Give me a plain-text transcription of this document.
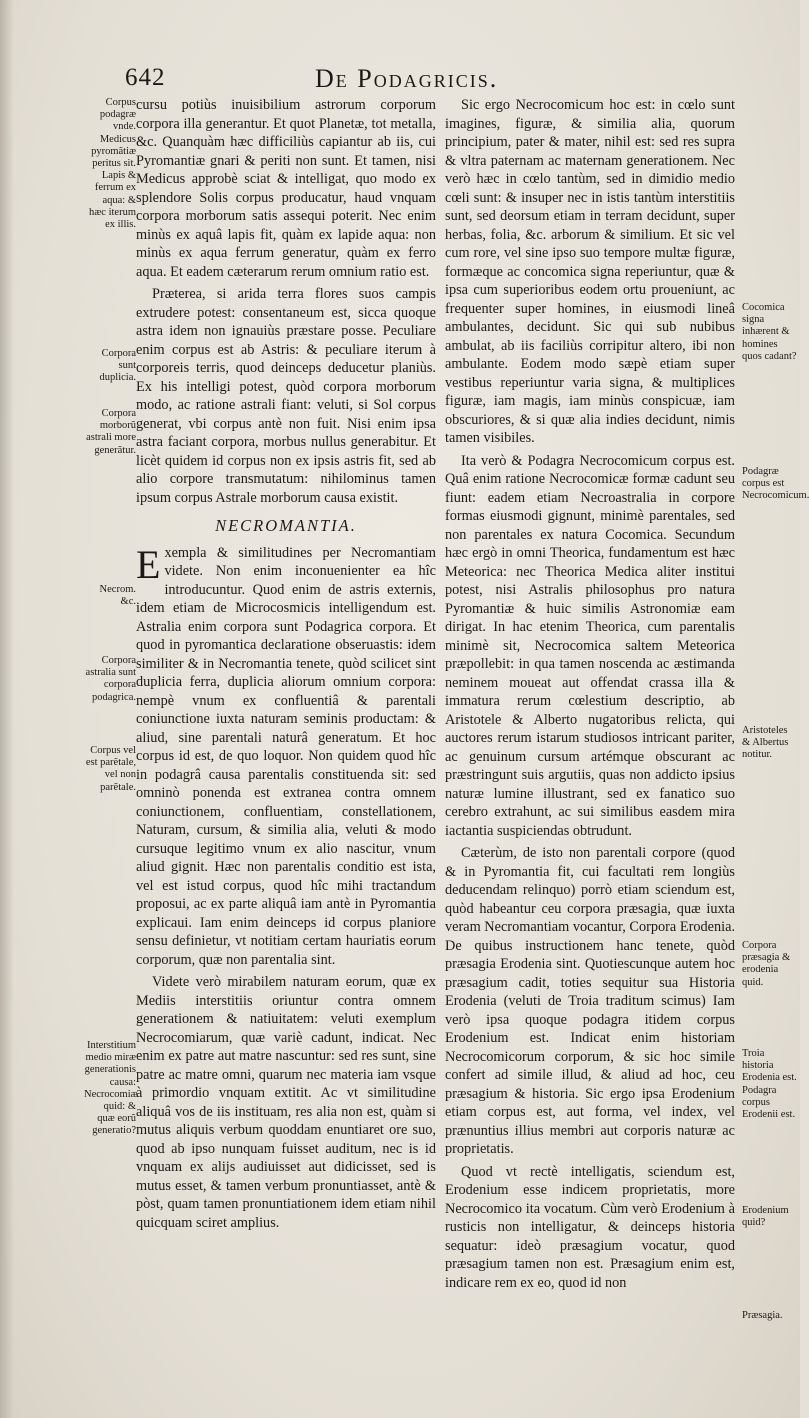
642	De Podagricis.
Corpus podagræ vnde. Medicus pyromãtiæ peritus sit. Lapis & ferrum ex aqua: & hæc iterum ex illis.
Corpora sunt duplicia.
Corpora morborũ astrali more generãtur.
Necrom. &c.
Corpora astralia sunt corpora podagrica.
Corpus vel est parẽtale, vel non parẽtale.
Interstitium medio miræ generationis causa: Necrocomiæ quid: & quæ eorũ generatio?
Cocomica signa inhærent & homines quos cadant?
Podagræ corpus est Necrocomicum.
Aristoteles & Albertus notitur.
Corpora præsagia & erodenia quid.
Troia historia Erodenia est. Podagra corpus Erodenii est.
Erodenium quid?
Præsagia.

cursu potiùs inuisibilium astrorum corporum corpora illa generantur. Et quot Planetæ, tot metalla, &c. Quanquàm hæc difficiliùs capiantur ab iis, cui Pyromantiæ gnari & periti non sunt. Et tamen, nisi Medicus approbè sciat & intelligat, quo modo ex splendore Solis corpus producatur, haud vnquam corpora morborum satis assequi poterit. Nec enim minùs ex aquâ lapis fit, quàm ex lapide aqua: non minùs ex aqua ferrum generatur, quàm ex ferro aqua. Et eadem cæterarum rerum omnium ratio est.

Præterea, si arida terra flores suos campis extrudere potest: consentaneum est, sicca quoque astra idem non ignauiùs præstare posse. Peculiare enim corpus est ab Astris: & peculiare iterum à corporeis terris, quod deinceps deducetur planiùs. Ex his intelligi potest, quòd corpora morborum modo, ac ratione astrali fiant: veluti, si Sol corpus generat, vbi corpus antè non fuit. Nisi enim ipsa astra faciant corpora, morbus nullus generabitur. Et licèt quidem id corpus non ex ipsis astris fit, sed ab alio corpore transmutatum: nihilominus tamen ipsum corpus Astrale morborum causa existit.

NECROMANTIA.

Exempla & similitudines per Necromantiam videte. Non enim inconuenienter ea hîc introducuntur. Quod enim de astris externis, idem etiam de Microcosmicis intelligendum est. Astralia enim corpora sunt Podagrica corpora. Et quod in pyromantica declaratione obseruastis: idem similiter & in Necromantia tenete, quòd scilicet sint duplicia ferra, duplicia aliorum omnium corpora: nempè vnum ex confluentiâ & parentali coniunctione iuxta naturam seminis productam: & aliud, sine parentali naturâ generatum. Et hoc corpus id est, de quo loquor. Non quidem quod hîc in podagrâ causa parentalis constituenda sit: sed omninò ponenda est extranea contra omnem coniunctionem, confluentiam, constellationem, Naturam, cursum, & similia alia, veluti & modo cursuque legitimo vnum ex alio nascitur, vnum aliud gignit. Hæc non parentalis conditio est ista, vel est istud corpus, quod hîc mihi tractandum proposui, ac ex parte aliquâ iam antè in Pyromantia explicaui. Iam enim deinceps id corpus planiore sensu definietur, vt notitiam certam hauriatis eorum corporum, quæ non parentalia sint.

Videte verò mirabilem naturam eorum, quæ ex Mediis interstitiis oriuntur contra omnem generationem & natiuitatem: veluti exemplum Necrocomiarum, quæ variè cadunt, indicat. Nec enim ex patre aut matre nascuntur: sed res sunt, sine patre ac matre omni, quarum nec materia iam vsque à primordio vnquam extitit. Ac vt similitudine aliquâ vos de iis instituam, res alia non est, quàm si mutus aliquis verbum quoddam enuntiaret ore suo, quod ab ipso nunquam fuisset auditum, nec is id vnquam ex alijs audiuisset aut didicisset, sed is mutus esset, & tamen verbum pronuntiasset, antè & pòst, quam tamen pronuntiationem idem etiam nihil quicquam sciret amplius.

Sic ergo Necrocomicum hoc est: in cœlo sunt imagines, figuræ, & similia alia, quorum principium, pater & mater, nihil est: sed res supra & vltra paternam ac maternam generationem. Nec verò hæc in cœlo tantùm, sed in dimidio medio cœli sunt: & insuper nec in istis tantùm interstitiis sunt, sed deorsum etiam in terram decidunt, super herbas, folia, &c. arborum & similium. Et sic vel cum rore, vel sine ipso suo tempore multæ figuræ, formæque ac concomica signa reperiuntur, quæ & ipsa cum superioribus eodem ortu proueniunt, ac frequenter super homines, in eiusmodi lineâ ambulantes, decidunt. Sic qui sub nubibus ambulat, ab iis faciliùs corripitur altero, ibi non ambulante. Eodem modo sæpè etiam super vestibus reperiuntur varia signa, & multiplices figuræ, iam magis, iam minùs conspicuæ, iam obscuriores, & si quæ alia indies decidunt, nimis tamen visibiles.

Ita verò & Podagra Necrocomicum corpus est. Quâ enim ratione Necrocomicæ formæ cadunt seu fiunt: eadem etiam Necroastralia in corpore formas eiusmodi gignunt, minimè parentales, sed non parentales ex natura Cocomica. Secundum hæc ergò in omni Theorica, fundamentum est hæc Meteorica: nec Theorica Medica aliter institui potest, nisi Astralis philosophus pro natura Pyromantiæ & huic similis Astronomiæ eam dirigat. In hac etenim Theorica, cum parentalis minimè sit, Necrocomica saltem Meteorica præpollebit: in qua tamen noscenda ac æstimanda neminem moueat aut offendat crassa illa & immatura rerum cœlestium descriptio, ab Aristotele & Alberto nugatoribus relicta, qui auctores rerum istarum studiosos intricant pariter, ac genuinum cursum artémque obscurant ac præstringunt suis argutiis, quas non addicto ipsius naturæ lumine illustrant, sed ex fanatico suo cerebro extrahunt, ac sui similibus easdem mira iactantia suspiciendas obtrudunt.

Cæterùm, de isto non parentali corpore (quod & in Pyromantia fit, cui facultati rem longiùs deducendam relinquo) porrò etiam sciendum est, quòd habeantur ceu corpora præsagia, quæ iuxta veram Necromantiam vocantur, Corpora Erodenia. De quibus instructionem hanc tenete, quòd præsagia Erodenia sint. Quotiescunque autem hoc præsagium cadit, toties sequitur sua Historia Erodenia (veluti de Troia traditum scimus) Iam verò ipsa quoque podagra itidem corpus Erodenium est. Indicat enim historiam Necrocomicorum corporum, & sic hoc simile confert ad simile illud, & aliud ad hoc, ceu præsagium & historia. Sic ergo ipsa Erodenium etiam corpus est, aut forma, vel index, vel prænuntius illius membri aut corporis naturæ ac proprietatis.

Quod vt rectè intelligatis, sciendum est, Erodenium esse indicem proprietatis, more Necrocomico ita vocatum. Cùm verò Erodenium à rusticis non intelligatur, & deinceps historia sequatur: ideò præsagium vocatur, quod præsagium tamen non est. Præsagium enim est, indicare rem ex eo, quod id non
